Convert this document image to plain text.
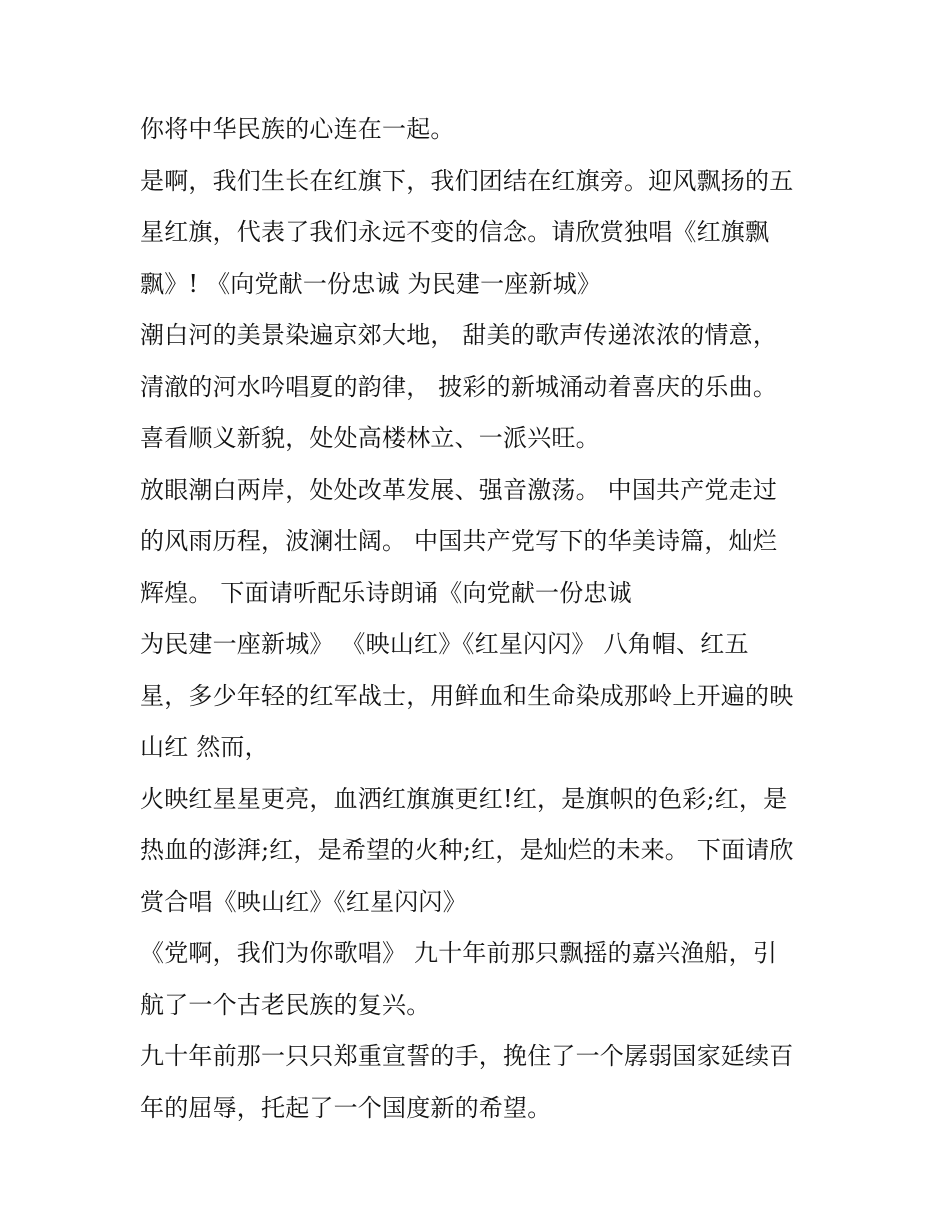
你将中华民族的心连在一起。
是啊，我们生长在红旗下，我们团结在红旗旁。迎风飘扬的五
星红旗，代表了我们永远不变的信念。请欣赏独唱《红旗飘
飘》! 《向党献一份忠诚 为民建一座新城》
潮白河的美景染遍京郊大地， 甜美的歌声传递浓浓的情意，
清澈的河水吟唱夏的韵律， 披彩的新城涌动着喜庆的乐曲。
喜看顺义新貌，处处高楼林立、一派兴旺。
放眼潮白两岸，处处改革发展、强音激荡。 中国共产党走过
的风雨历程，波澜壮阔。 中国共产党写下的华美诗篇，灿烂
辉煌。 下面请听配乐诗朗诵《向党献一份忠诚
为民建一座新城》 《映山红》《红星闪闪》 八角帽、红五
星，多少年轻的红军战士，用鲜血和生命染成那岭上开遍的映
山红 然而，
火映红星星更亮，血洒红旗旗更红!红，是旗帜的色彩;红，是
热血的澎湃;红，是希望的火种;红，是灿烂的未来。 下面请欣
赏合唱《映山红》《红星闪闪》
《党啊，我们为你歌唱》 九十年前那只飘摇的嘉兴渔船，引
航了一个古老民族的复兴。
九十年前那一只只郑重宣誓的手，挽住了一个孱弱国家延续百
年的屈辱，托起了一个国度新的希望。
